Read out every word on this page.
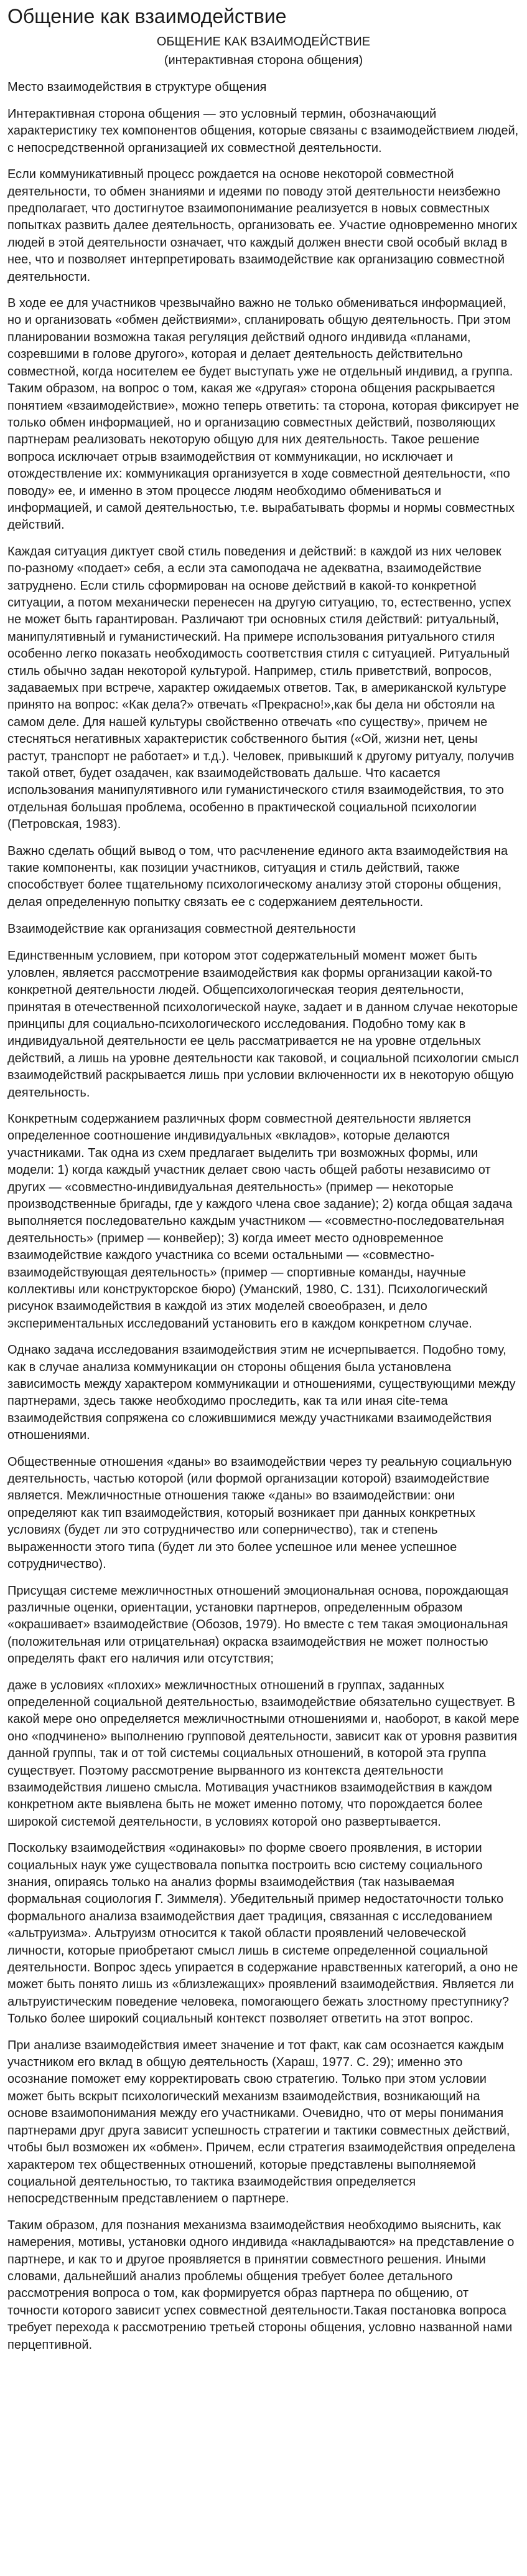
Общение как взаимодействие

ОБЩЕНИЕ КАК ВЗАИМОДЕЙСТВИЕ

(интерактивная сторона общения)

Место взаимодействия в структуре общения

Интерактивная сторона общения — это условный термин, обозначающий характеристику тех компонентов общения, которые связаны с взаимодействием людей, с непосредственной организацией их совместной деятельности.

Если коммуникативный процесс рождается на основе некоторой совместной деятельности, то обмен знаниями и идеями по поводу этой деятельности неизбежно предполагает, что достигнутое взаимопонимание реализуется в новых совместных попытках развить далее деятельность, организовать ее. Участие одновременно многих людей в этой деятельности означает, что каждый должен внести свой особый вклад в нее, что и позволяет интерпретировать взаимодействие как организацию совместной деятельности.

В ходе ее для участников чрезвычайно важно не только обмениваться информацией, но и организовать «обмен действиями», спланировать общую деятельность. При этом планировании возможна такая регуляция действий одного индивида «планами, созревшими в голове другого», которая и делает деятельность действительно совместной, когда носителем ее будет выступать уже не отдельный индивид, а группа. Таким образом, на вопрос о том, какая же «другая» сторона общения раскрывается понятием «взаимодействие», можно теперь ответить: та сторона, которая фиксирует не только обмен информацией, но и организацию совместных действий, позволяющих партнерам реализовать некоторую общую для них деятельность. Такое решение вопроса исключает отрыв взаимодействия от коммуникации, но исключает и отождествление их: коммуникация организуется в ходе совместной деятельности, «по поводу» ее, и именно в этом процессе людям необходимо обмениваться и информацией, и самой деятельностью, т.е. вырабатывать формы и нормы совместных действий.

Каждая ситуация диктует свой стиль поведения и действий: в каждой из них человек по-разному «подает» себя, а если эта самоподача не адекватна, взаимодействие затруднено. Если стиль сформирован на основе действий в какой-то конкретной ситуации, а потом механически перенесен на другую ситуацию, то, естественно, успех не может быть гарантирован. Различают три основных стиля действий: ритуальный, манипулятивный и гуманистический. На примере использования ритуального стиля особенно легко показать необходимость соответствия стиля с ситуацией. Ритуальный стиль обычно задан некоторой культурой. Например, стиль приветствий, вопросов, задаваемых при встрече, характер ожидаемых ответов. Так, в американской культуре принято на вопрос: «Как дела?» отвечать «Прекрасно!»,как бы дела ни обстояли на самом деле. Для нашей культуры свойственно отвечать «по существу», причем не стесняться негативных характеристик собственного бытия («Ой, жизни нет, цены растут, транспорт не работает» и т.д.). Человек, привыкший к другому ритуалу, получив такой ответ, будет озадачен, как взаимодействовать дальше. Что касается использования манипулятивного или гуманистического стиля взаимодействия, то это отдельная большая проблема, особенно в практической социальной психологии (Петровская, 1983).

Важно сделать общий вывод о том, что расчленение единого акта взаимодействия на такие компоненты, как позиции участников, ситуация и стиль действий, также способствует более тщательному психологическому анализу этой стороны общения, делая определенную попытку связать ее с содержанием деятельности.

Взаимодействие как организация совместной деятельности

Единственным условием, при котором этот содержательный момент может быть уловлен, является рассмотрение взаимодействия как формы организации какой-то конкретной деятельности людей. Общепсихологическая теория деятельности, принятая в отечественной психологической науке, задает и в данном случае некоторые принципы для социально-психологического исследования. Подобно тому как в индивидуальной деятельности ее цель рассматривается не на уровне отдельных действий, а лишь на уровне деятельности как таковой, и социальной психологии смысл взаимодействий раскрывается лишь при условии включенности их в некоторую общую деятельность.

Конкретным содержанием различных форм совместной деятельности является определенное соотношение индивидуальных «вкладов», которые делаются участниками. Так одна из схем предлагает выделить три возможных формы, или модели: 1) когда каждый участник делает свою часть общей работы независимо от других — «совместно-индивидуальная деятельность» (пример — некоторые производственные бригады, где у каждого члена свое задание); 2) когда общая задача выполняется последовательно каждым участником — «совместно-последовательная деятельность» (пример — конвейер); 3) когда имеет место одновременное взаимодействие каждого участника со всеми остальными — «совместно-взаимодействующая деятельность» (пример — спортивные команды, научные коллективы или конструкторское бюро) (Уманский, 1980, С. 131). Психологический рисунок взаимодействия в каждой из этих моделей своеобразен, и дело экспериментальных исследований установить его в каждом конкретном случае.

Однако задача исследования взаимодействия этим не исчерпывается. Подобно тому, как в случае анализа коммуникации он стороны общения была установлена зависимость между характером коммуникации и отношениями, существующими между партнерами, здесь также необходимо проследить, как та или иная cite-тема взаимодействия сопряжена со сложившимися между участниками взаимодействия отношениями.

Общественные отношения «даны» во взаимодействии через ту реальную социальную деятельность, частью которой (или формой организации которой) взаимодействие является. Межличностные отношения также «даны» во взаимодействии: они определяют как тип взаимодействия, который возникает при данных конкретных условиях (будет ли это сотрудничество или соперничество), так и степень выраженности этого типа (будет ли это более успешное или менее успешное сотрудничество).

Присущая системе межличностных отношений эмоциональная основа, порождающая различные оценки, ориентации, установки партнеров, определенным образом «окрашивает» взаимодействие (Обозов, 1979). Но вместе с тем такая эмоциональная (положительная или отрицательная) окраска взаимодействия не может полностью определять факт его наличия или отсутствия;

даже в условиях «плохих» межличностных отношений в группах, заданных определенной социальной деятельностью, взаимодействие обязательно существует. В какой мере оно определяется межличностными отношениями и, наоборот, в какой мере оно «подчинено» выполнению групповой деятельности, зависит как от уровня развития данной группы, так и от той системы социальных отношений, в которой эта группа существует. Поэтому рассмотрение вырванного из контекста деятельности взаимодействия лишено смысла. Мотивация участников взаимодействия в каждом конкретном акте выявлена быть не может именно потому, что порождается более широкой системой деятельности, в условиях которой оно развертывается.

Поскольку взаимодействия «одинаковы» по форме своего проявления, в истории социальных наук уже существовала попытка построить всю систему социального знания, опираясь только на анализ формы взаимодействия (так называемая формальная социология Г. Зиммеля). Убедительный пример недостаточности только формального анализа взаимодействия дает традиция, связанная с исследованием «альтруизма». Альтруизм относится к такой области проявлений человеческой личности, которые приобретают смысл лишь в системе определенной социальной деятельности. Вопрос здесь упирается в содержание нравственных категорий, а оно не может быть понято лишь из «близлежащих» проявлений взаимодействия. Является ли альтруистическим поведение человека, помогающего бежать злостному преступнику? Только более широкий социальный контекст позволяет ответить на этот вопрос.

При анализе взаимодействия имеет значение и тот факт, как сам осознается каждым участником его вклад в общую деятельность (Хараш, 1977. С. 29); именно это осознание поможет ему корректировать свою стратегию. Только при этом условии может быть вскрыт психологический механизм взаимодействия, возникающий на основе взаимопонимания между его участниками. Очевидно, что от меры понимания партнерами друг друга зависит успешность стратегии и тактики совместных действий, чтобы был возможен их «обмен». Причем, если стратегия взаимодействия определена характером тех общественных отношений, которые представлены выполняемой социальной деятельностью, то тактика взаимодействия определяется непосредственным представлением о партнере.

Таким образом, для познания механизма взаимодействия необходимо выяснить, как намерения, мотивы, установки одного индивида «накладываются» на представление о партнере, и как то и другое проявляется в принятии совместного решения. Иными словами, дальнейший анализ проблемы общения требует более детального рассмотрения вопроса о том, как формируется образ партнера по общению, от точности которого зависит успех совместной деятельности.Такая постановка вопроса требует перехода к рассмотрению третьей стороны общения, условно названной нами перцептивной.
